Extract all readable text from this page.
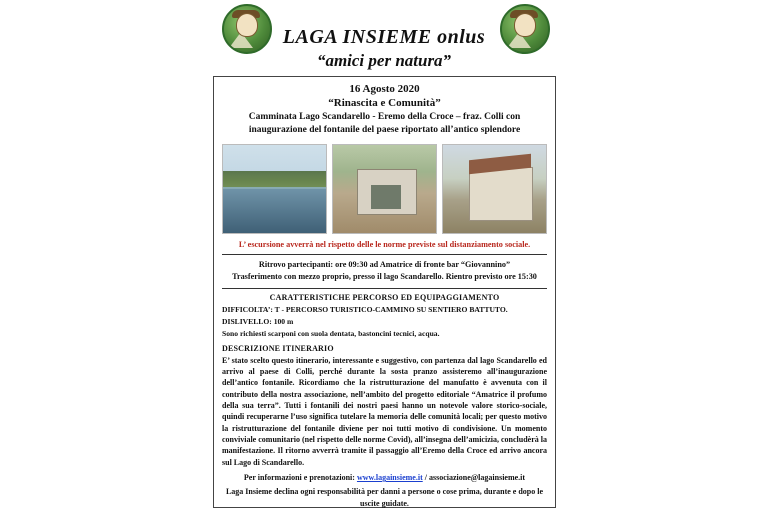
LAGA INSIEME onlus
“amici per natura”
16 Agosto 2020
“Rinascita e Comunità”
Camminata Lago Scandarello - Eremo della Croce – fraz. Colli con inaugurazione del fontanile del paese riportato all’antico splendore
L’ escursione avverrà nel rispetto delle le norme previste sul distanziamento sociale.
Ritrovo partecipanti: ore 09:30 ad Amatrice di fronte bar “Giovannino”
Trasferimento con mezzo proprio, presso il lago Scandarello. Rientro previsto ore 15:30
CARATTERISTICHE PERCORSO ED EQUIPAGGIAMENTO
DIFFICOLTA’: T - PERCORSO TURISTICO-CAMMINO SU SENTIERO BATTUTO.
DISLIVELLO: 100 m
Sono richiesti scarponi con suola dentata, bastoncini tecnici, acqua.
DESCRIZIONE ITINERARIO
E’ stato scelto questo itinerario, interessante e suggestivo, con partenza dal lago Scandarello ed arrivo al paese di Colli, perché durante la sosta pranzo assisteremo all’inaugurazione dell’antico fontanile. Ricordiamo che la ristrutturazione del manufatto è avvenuta con il contributo della nostra associazione, nell’ambito del progetto editoriale “Amatrice il profumo della sua terra”. Tutti i fontanili dei nostri paesi hanno un notevole valore storico-sociale, quindi recuperarne l’uso significa tutelare la memoria delle comunità locali; per questo motivo la ristrutturazione del fontanile diviene per noi tutti motivo di condivisione. Un momento conviviale comunitario (nel rispetto delle norme Covid), all’insegna dell’amicizia, concludèrà la manifestazione. Il ritorno avverrà tramite il passaggio all’Eremo della Croce ed arrivo ancora sul Lago di Scandarello.
Per informazioni e prenotazioni: www.lagainsieme.it / associazione@lagainsieme.it
Laga Insieme declina ogni responsabilità per danni a persone o cose prima, durante e dopo le uscite guidate.
